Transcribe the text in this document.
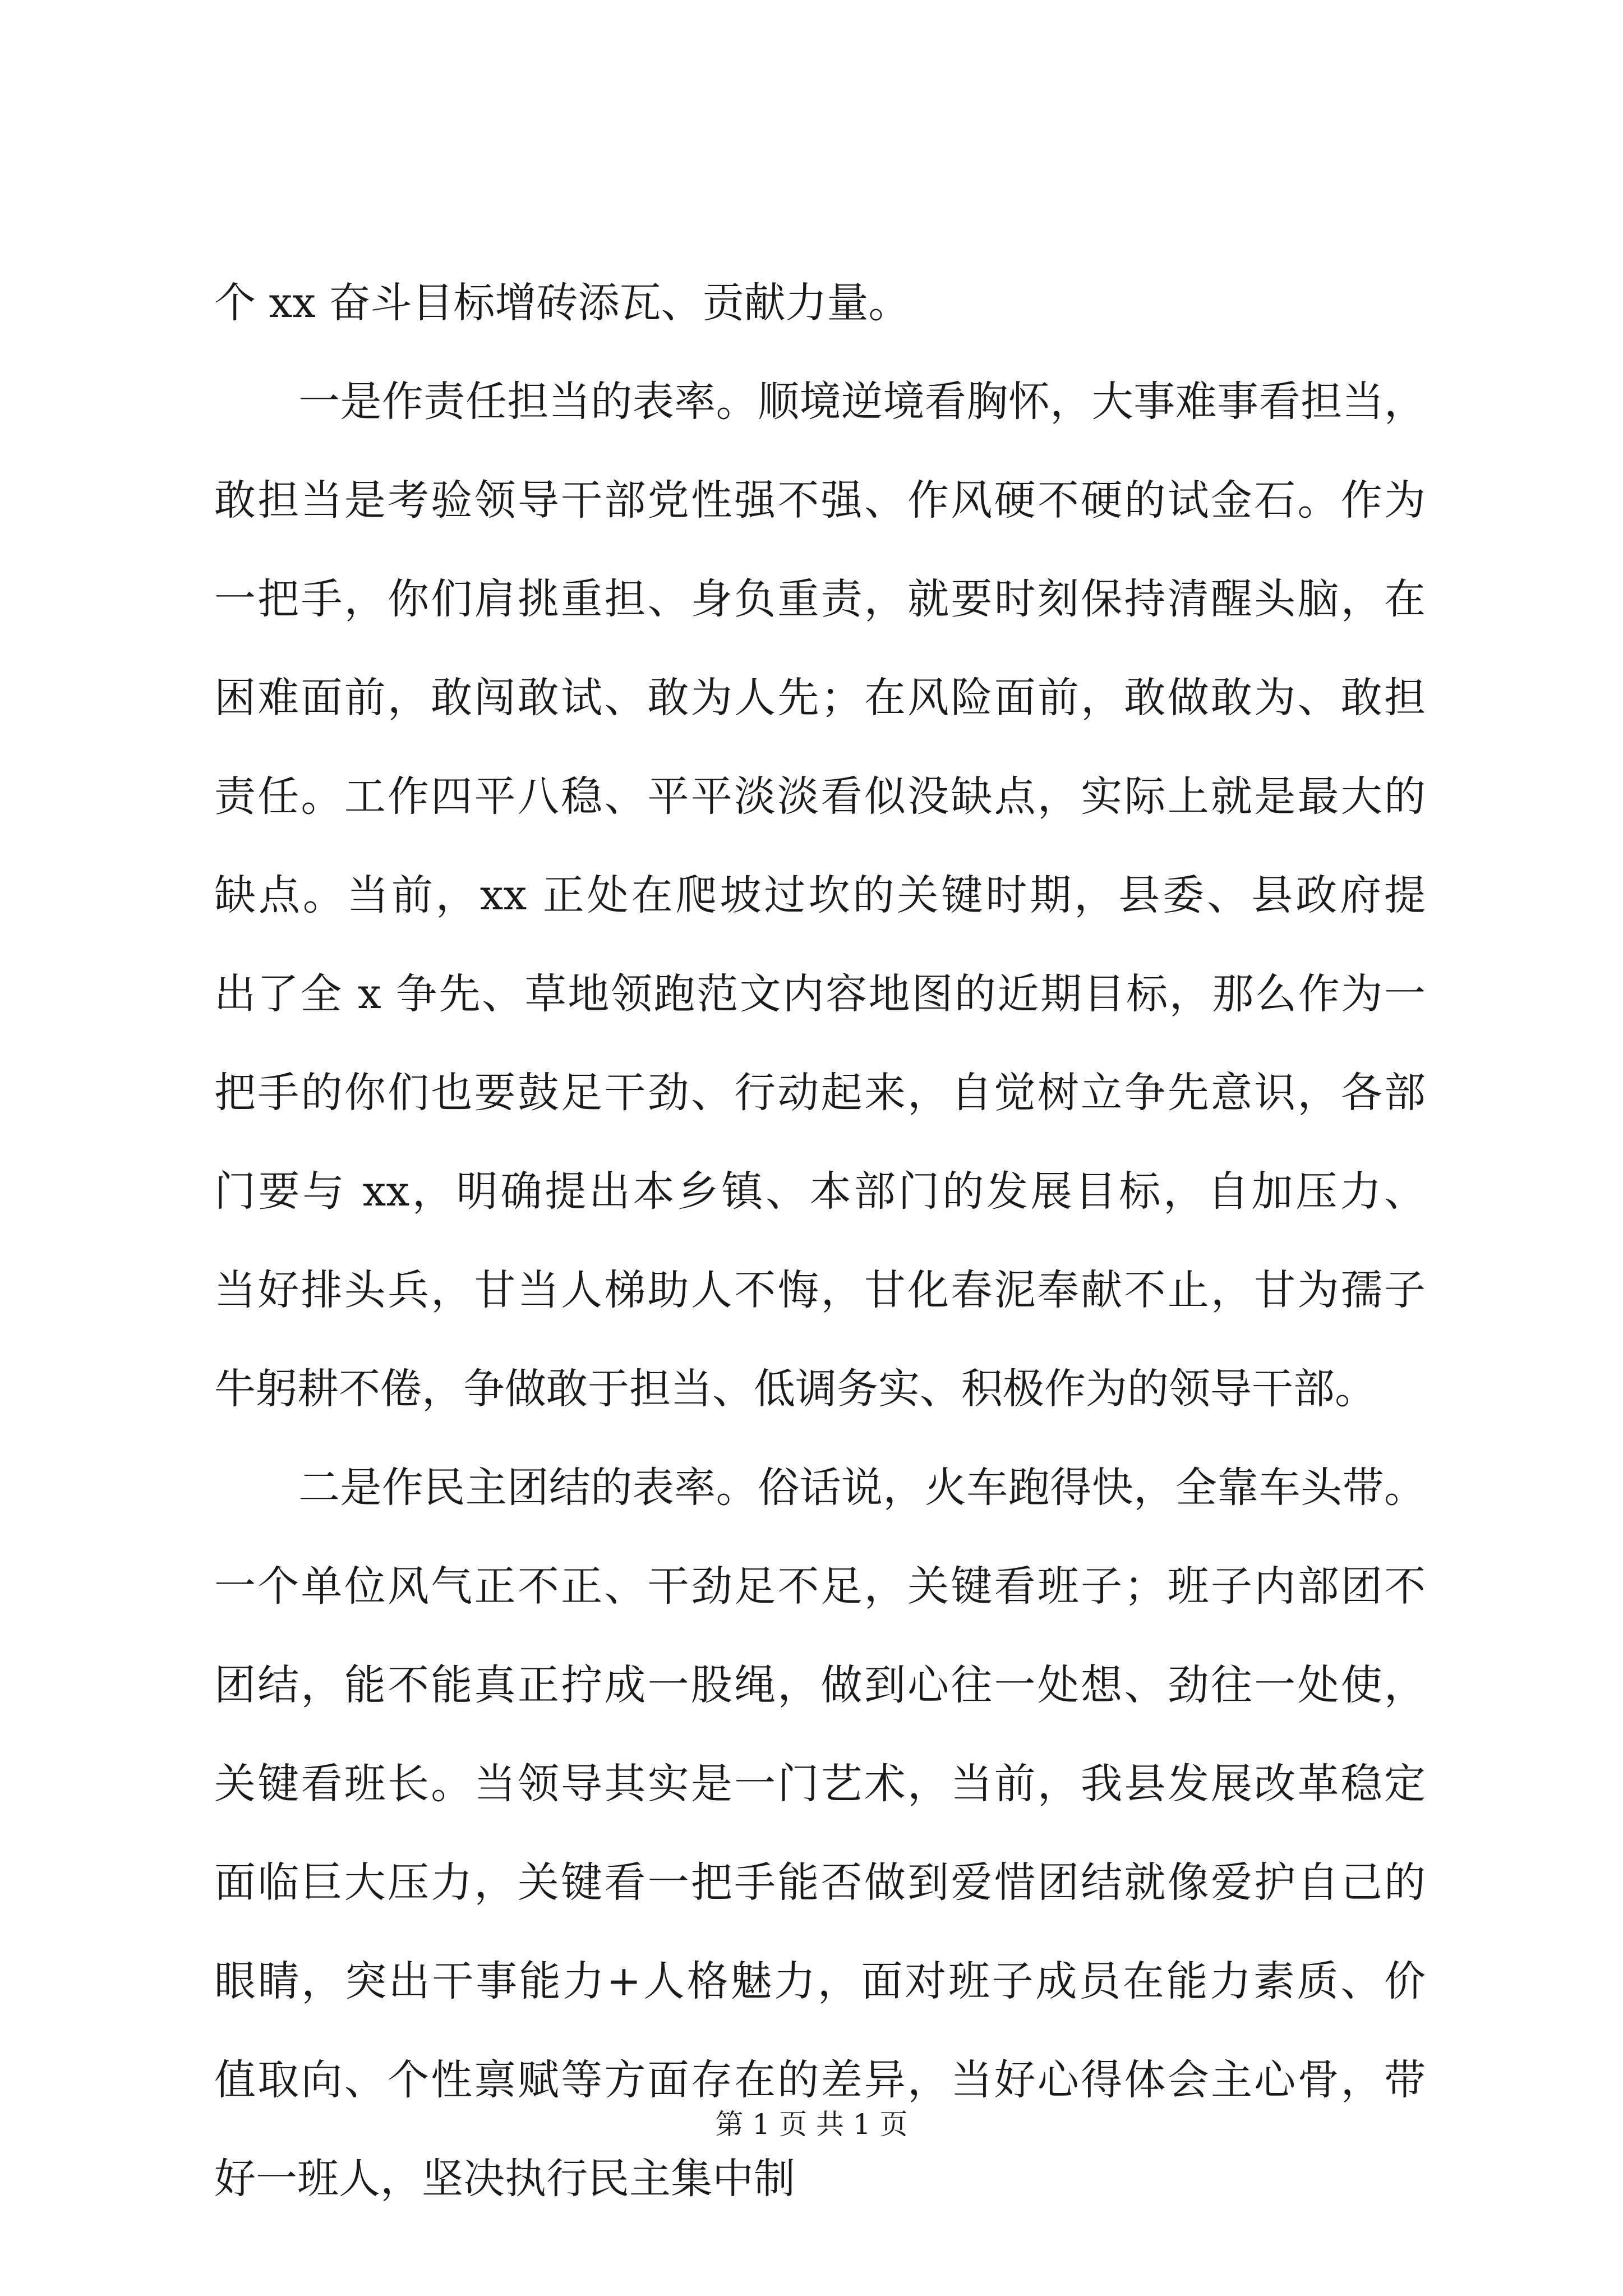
个 xx 奋斗目标增砖添瓦、贡献力量。
一是作责任担当的表率。顺境逆境看胸怀，大事难事看担当，
敢担当是考验领导干部党性强不强、作风硬不硬的试金石。作为
一把手，你们肩挑重担、身负重责，就要时刻保持清醒头脑，在
困难面前，敢闯敢试、敢为人先；在风险面前，敢做敢为、敢担
责任。工作四平八稳、平平淡淡看似没缺点，实际上就是最大的
缺点。当前，xx 正处在爬坡过坎的关键时期，县委、县政府提
出了全 x 争先、草地领跑范文内容地图的近期目标，那么作为一
把手的你们也要鼓足干劲、行动起来，自觉树立争先意识，各部
门要与 xx，明确提出本乡镇、本部门的发展目标，自加压力、
当好排头兵，甘当人梯助人不悔，甘化春泥奉献不止，甘为孺子
牛躬耕不倦，争做敢于担当、低调务实、积极作为的领导干部。
二是作民主团结的表率。俗话说，火车跑得快，全靠车头带。
一个单位风气正不正、干劲足不足，关键看班子；班子内部团不
团结，能不能真正拧成一股绳，做到心往一处想、劲往一处使，
关键看班长。当领导其实是一门艺术，当前，我县发展改革稳定
面临巨大压力，关键看一把手能否做到爱惜团结就像爱护自己的
眼睛，突出干事能力+人格魅力，面对班子成员在能力素质、价
值取向、个性禀赋等方面存在的差异，当好心得体会主心骨，带
好一班人，坚决执行民主集中制
第 1 页 共 1 页
